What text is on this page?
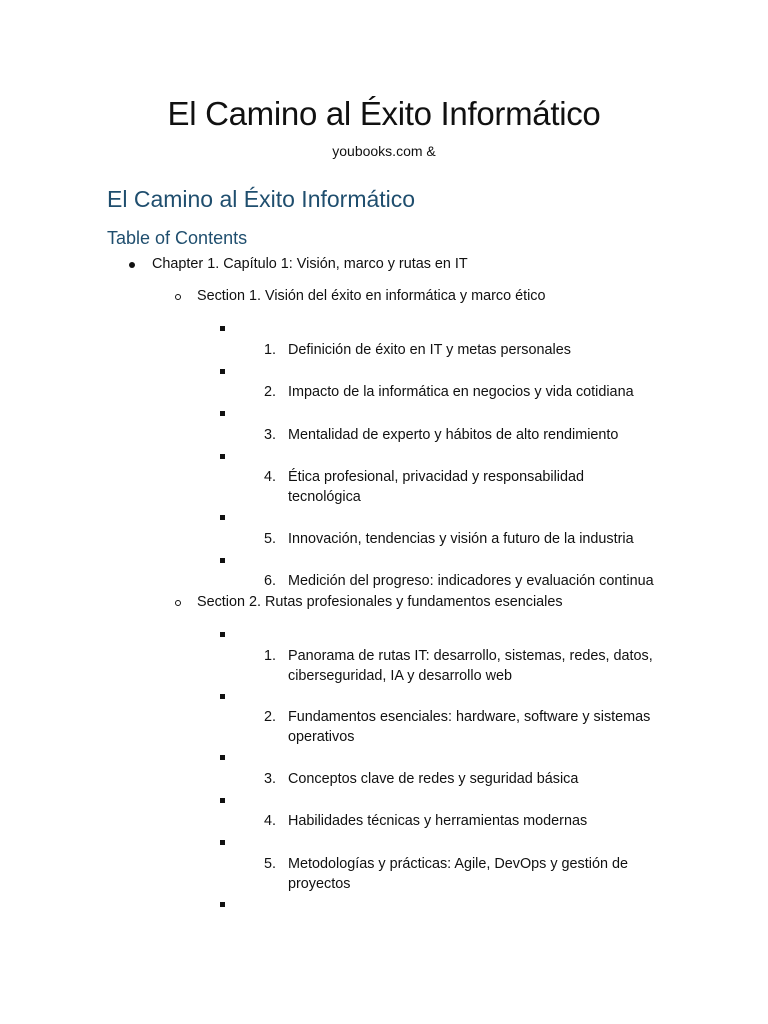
El Camino al Éxito Informático
youbooks.com &
El Camino al Éxito Informático
Table of Contents
Chapter 1. Capítulo 1: Visión, marco y rutas en IT
Section 1. Visión del éxito en informática y marco ético
1. Definición de éxito en IT y metas personales
2. Impacto de la informática en negocios y vida cotidiana
3. Mentalidad de experto y hábitos de alto rendimiento
4. Ética profesional, privacidad y responsabilidad tecnológica
5. Innovación, tendencias y visión a futuro de la industria
6. Medición del progreso: indicadores y evaluación continua
Section 2. Rutas profesionales y fundamentos esenciales
1. Panorama de rutas IT: desarrollo, sistemas, redes, datos, ciberseguridad, IA y desarrollo web
2. Fundamentos esenciales: hardware, software y sistemas operativos
3. Conceptos clave de redes y seguridad básica
4. Habilidades técnicas y herramientas modernas
5. Metodologías y prácticas: Agile, DevOps y gestión de proyectos
